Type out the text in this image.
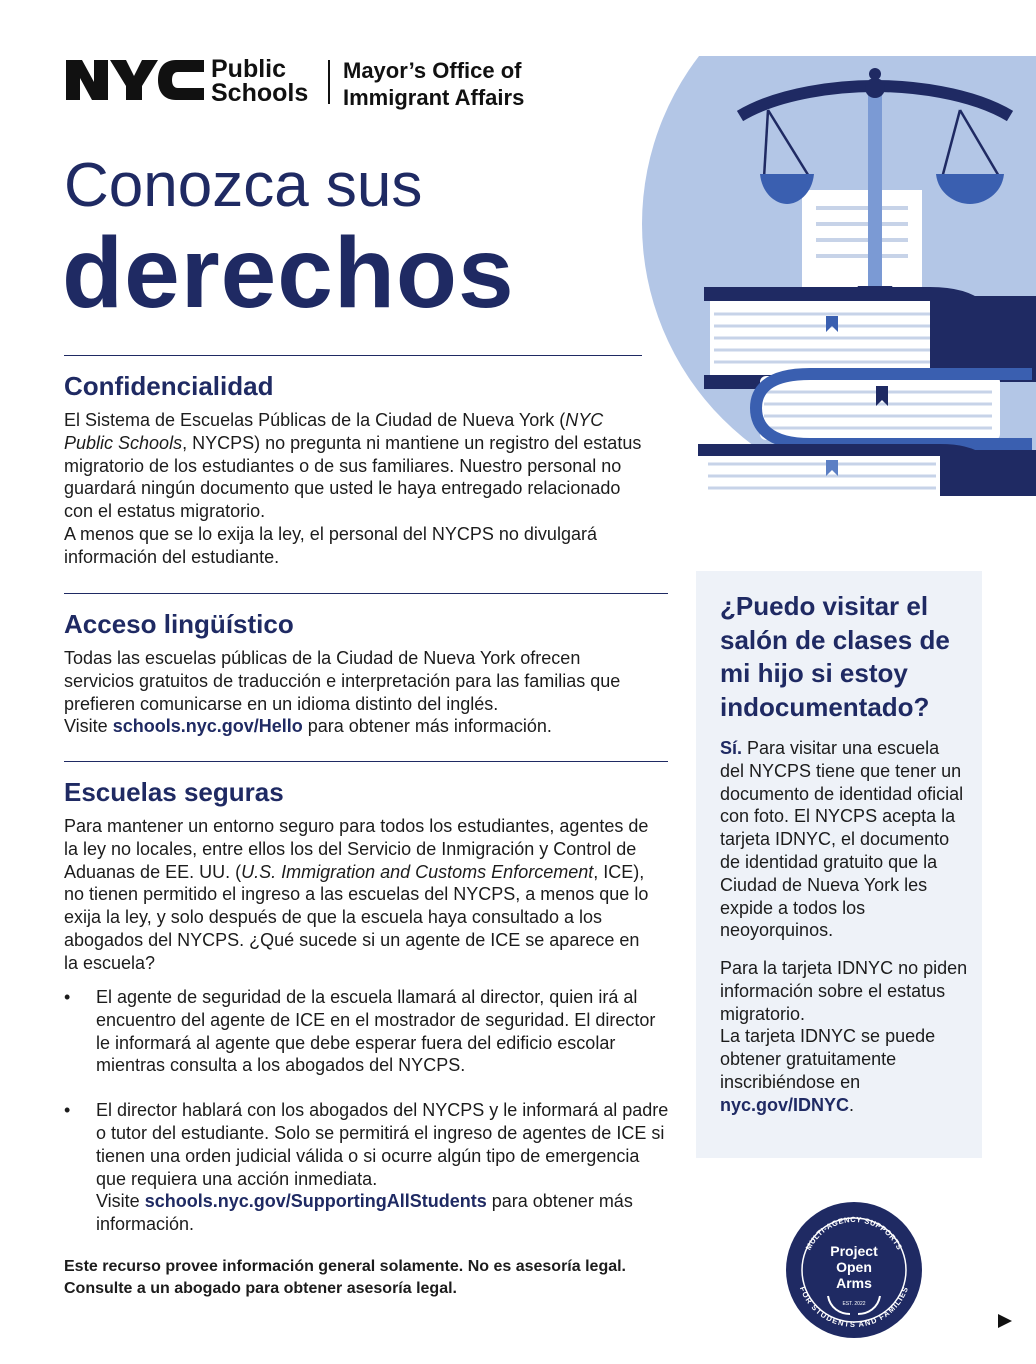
Public
Schools
Mayor’s Office of
Immigrant Affairs
Conozca sus
derechos
Confidencialidad
El Sistema de Escuelas Públicas de la Ciudad de Nueva York (NYC Public Schools, NYCPS) no pregunta ni mantiene un registro del estatus migratorio de los estudiantes o de sus familiares. Nuestro personal no guardará ningún documento que usted le haya entregado relacionado con el estatus migratorio.
A menos que se lo exija la ley, el personal del NYCPS no divulgará información del estudiante.
Acceso lingüístico
Todas las escuelas públicas de la Ciudad de Nueva York ofrecen servicios gratuitos de traducción e interpretación para las familias que prefieren comunicarse en un idioma distinto del inglés.
Visite schools.nyc.gov/Hello para obtener más información.
Escuelas seguras
Para mantener un entorno seguro para todos los estudiantes, agentes de la ley no locales, entre ellos los del Servicio de Inmigración y Control de Aduanas de EE. UU. (U.S. Immigration and Customs Enforcement, ICE), no tienen permitido el ingreso a las escuelas del NYCPS, a menos que lo exija la ley, y solo después de que la escuela haya consultado a los abogados del NYCPS. ¿Qué sucede si un agente de ICE se aparece en la escuela?
• El agente de seguridad de la escuela llamará al director, quien irá al encuentro del agente de ICE en el mostrador de seguridad. El director le informará al agente que debe esperar fuera del edificio escolar mientras consulta a los abogados del NYCPS.
• El director hablará con los abogados del NYCPS y le informará al padre o tutor del estudiante. Solo se permitirá el ingreso de agentes de ICE si tienen una orden judicial válida o si ocurre algún tipo de emergencia que requiera una acción inmediata.
Visite schools.nyc.gov/SupportingAllStudents para obtener más información.
Este recurso provee información general solamente. No es asesoría legal. Consulte a un abogado para obtener asesoría legal.
¿Puedo visitar el salón de clases de mi hijo si estoy indocumentado?
Sí. Para visitar una escuela del NYCPS tiene que tener un documento de identidad oficial con foto. El NYCPS acepta la tarjeta IDNYC, el documento de identidad gratuito que la Ciudad de Nueva York les expide a todos los neoyorquinos.
Para la tarjeta IDNYC no piden información sobre el estatus migratorio.
La tarjeta IDNYC se puede obtener gratuitamente inscribiéndose en nyc.gov/IDNYC.
MULTI-AGENCY SUPPORTS
FOR STUDENTS AND FAMILIES
Project
Open
Arms
EST. 2022
